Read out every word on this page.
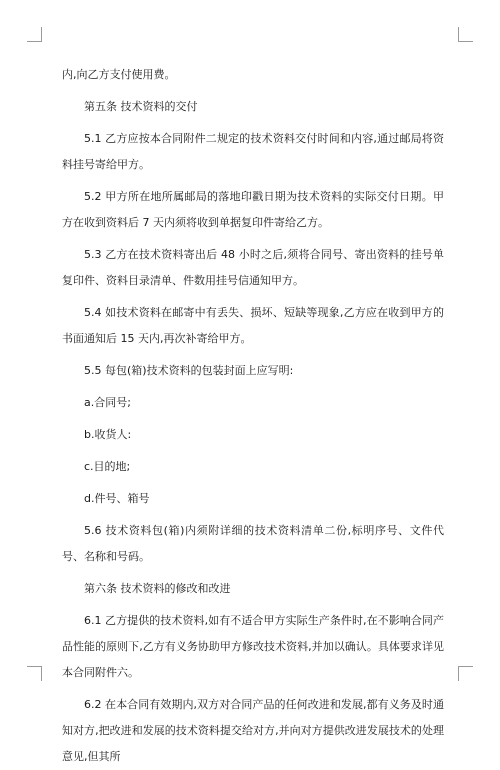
内,向乙方支付使用费。

第五条 技术资料的交付

5.1 乙方应按本合同附件二规定的技术资料交付时间和内容,通过邮局将资料挂号寄给甲方。

5.2 甲方所在地所属邮局的落地印戳日期为技术资料的实际交付日期。甲方在收到资料后 7 天内须将收到单据复印件寄给乙方。

5.3 乙方在技术资料寄出后 48 小时之后,须将合同号、寄出资料的挂号单复印件、资料目录清单、件数用挂号信通知甲方。

5.4 如技术资料在邮寄中有丢失、损坏、短缺等现象,乙方应在收到甲方的书面通知后 15 天内,再次补寄给甲方。

5.5 每包(箱)技术资料的包装封面上应写明:

a.合同号;

b.收货人:

c.目的地;

d.件号、箱号

5.6 技术资料包(箱)内须附详细的技术资料清单二份,标明序号、文件代号、名称和号码。

第六条 技术资料的修改和改进

6.1 乙方提供的技术资料,如有不适合甲方实际生产条件时,在不影响合同产品性能的原则下,乙方有义务协助甲方修改技术资料,并加以确认。具体要求详见本合同附件六。

6.2 在本合同有效期内,双方对合同产品的任何改进和发展,都有义务及时通知对方,把改进和发展的技术资料提交给对方,并向对方提供改进发展技术的处理意见,但其所
